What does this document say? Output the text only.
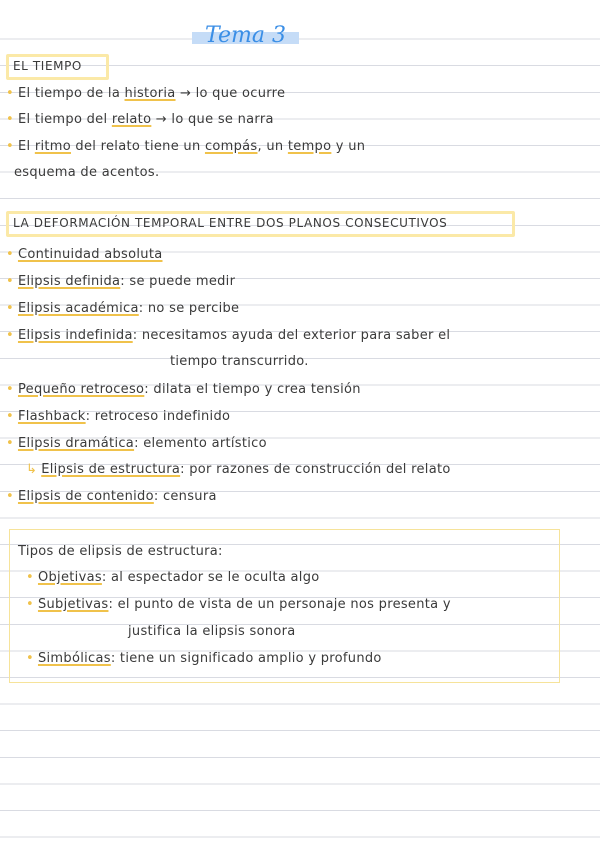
Tema 3
EL TIEMPO
• El tiempo de la historia → lo que ocurre
• El tiempo del relato → lo que se narra
• El ritmo del relato tiene un compás, un tempo y un
esquema de acentos.
LA DEFORMACIÓN TEMPORAL ENTRE DOS PLANOS CONSECUTIVOS
• Continuidad absoluta
• Elipsis definida: se puede medir
• Elipsis académica: no se percibe
• Elipsis indefinida: necesitamos ayuda del exterior para saber el
tiempo transcurrido.
• Pequeño retroceso: dilata el tiempo y crea tensión
• Flashback: retroceso indefinido
• Elipsis dramática: elemento artístico
↳ Elipsis de estructura: por razones de construcción del relato
• Elipsis de contenido: censura
Tipos de elipsis de estructura:
• Objetivas: al espectador se le oculta algo
• Subjetivas: el punto de vista de un personaje nos presenta y
justifica la elipsis sonora
• Simbólicas: tiene un significado amplio y profundo
